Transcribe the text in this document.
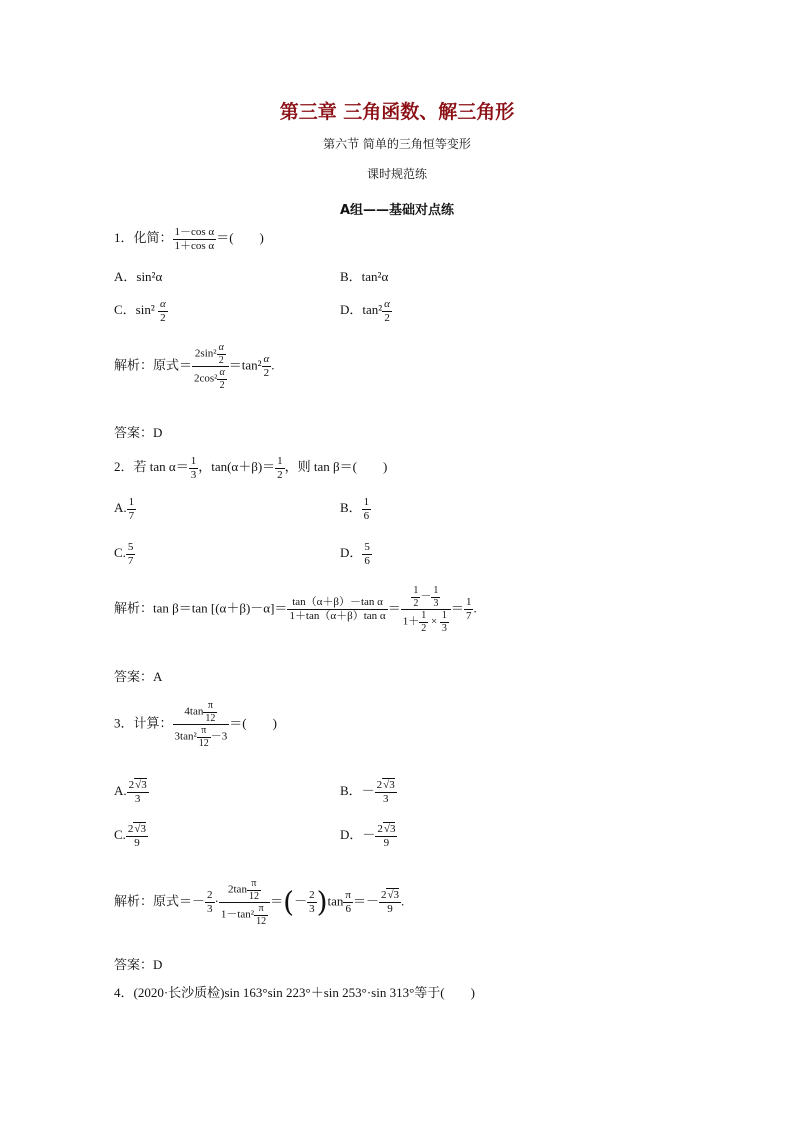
第三章 三角函数、解三角形
第六节 简单的三角恒等变形
课时规范练
A组——基础对点练
1．化简： $\frac{\text{1－cos α}}{\text{1＋cos α}}$ ＝(　　)
A．sin²α	B．tan²α
C．$\sin^2 \frac{\alpha}{2}$	D．$\tan^2 \frac{\alpha}{2}$
解析：原式＝ $\frac{2\sin^2 \frac{\alpha}{2}}{2\cos^2 \frac{\alpha}{2}} =\tan^2 \frac{\alpha}{2}$ .
答案：D
2．若 $\tan \alpha= \frac{1}{3}$ ，$\tan(\alpha+\beta)= \frac{1}{2}$ ，则 tan β＝(　　)
A. $\frac{1}{7}$	B． $\frac{1}{6}$
C. $\frac{5}{7}$	D． $\frac{5}{6}$
解析：tan β＝tan $[(\alpha+\beta)-\alpha]= \frac{\text{tan（α＋β）－tan α}}{\text{1＋tan（α＋β）tan α}} = \frac{\frac{1}{2} - \frac{1}{3}}{1+ \frac{1}{2} \times \frac{1}{3}} = \frac{1}{7}$ .
答案：A
3．计算： $\frac{4\tan \frac{\pi}{12}}{3\tan^2 \frac{\pi}{12} -3}$ ＝(　　)
A. $\frac{2√3}{3}$	B．－ $\frac{2√3}{3}$
C. $\frac{2√3}{9}$	D．－ $\frac{2√3}{9}$
解析：原式＝－ $\frac{2}{3} \cdot \frac{2\tan \frac{\pi}{12}}{1-\tan^2 \frac{\pi}{12}}$ ＝(－ $\frac{2}{3} )\tan \frac{\pi}{6} =- \frac{2√3}{9}$ .
答案：D
4．(2020·长沙质检)sin 163°sin 223°＋sin 253°·sin 313°等于(　　)
